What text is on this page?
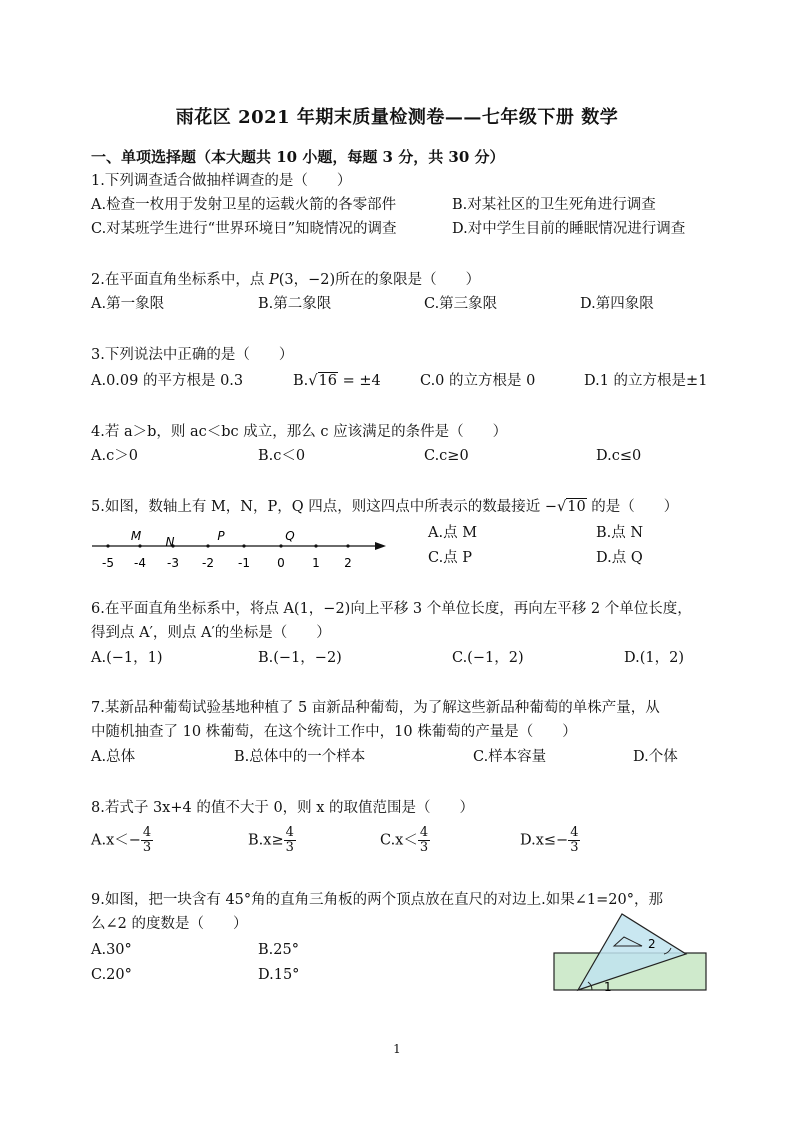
雨花区 2021 年期末质量检测卷——七年级下册 数学
一、单项选择题（本大题共 10 小题，每题 3 分，共 30 分）
1.下列调查适合做抽样调查的是（　　）
A.检查一枚用于发射卫星的运载火箭的各零部件	B.对某社区的卫生死角进行调查
C.对某班学生进行“世界环境日”知晓情况的调查	D.对中学生目前的睡眠情况进行调查
2.在平面直角坐标系中，点 P(3，−2)所在的象限是（　　）
A.第一象限	B.第二象限	C.第三象限	D.第四象限
3.下列说法中正确的是（　　）
A.0.09 的平方根是 0.3	B.√16 = ±4	C.0 的立方根是 0	D.1 的立方根是±1
4.若 a＞b，则 ac＜bc 成立，那么 c 应该满足的条件是（　　）
A.c＞0	B.c＜0	C.c≥0	D.c≤0
5.如图，数轴上有 M，N，P，Q 四点，则这四点中所表示的数最接近 −√10 的是（　　）
A.点 M	B.点 N
C.点 P	D.点 Q
-5 -4 -3 -2 -1 0 1 2
M N	P	Q
6.在平面直角坐标系中，将点 A(1，−2)向上平移 3 个单位长度，再向左平移 2 个单位长度，
得到点 A′，则点 A′的坐标是（　　）
A.(−1，1)	B.(−1，−2)	C.(−1，2)	D.(1，2)
7.某新品种葡萄试验基地种植了 5 亩新品种葡萄，为了解这些新品种葡萄的单株产量，从
中随机抽查了 10 株葡萄，在这个统计工作中，10 株葡萄的产量是（　　）
A.总体	B.总体中的一个样本	C.样本容量	D.个体
8.若式子 3x+4 的值不大于 0，则 x 的取值范围是（　　）
$A.x<- \frac{4}{3}$	$B.x\ge \frac{4}{3}$	$C.x< \frac{4}{3}$	$D.x\le- \frac{4}{3}$
9.如图，把一块含有 45°角的直角三角板的两个顶点放在直尺的对边上.如果∠1=20°，那
么∠2 的度数是（　　）
A.30°	B.25°
C.20°	D.15°
2
1
1
